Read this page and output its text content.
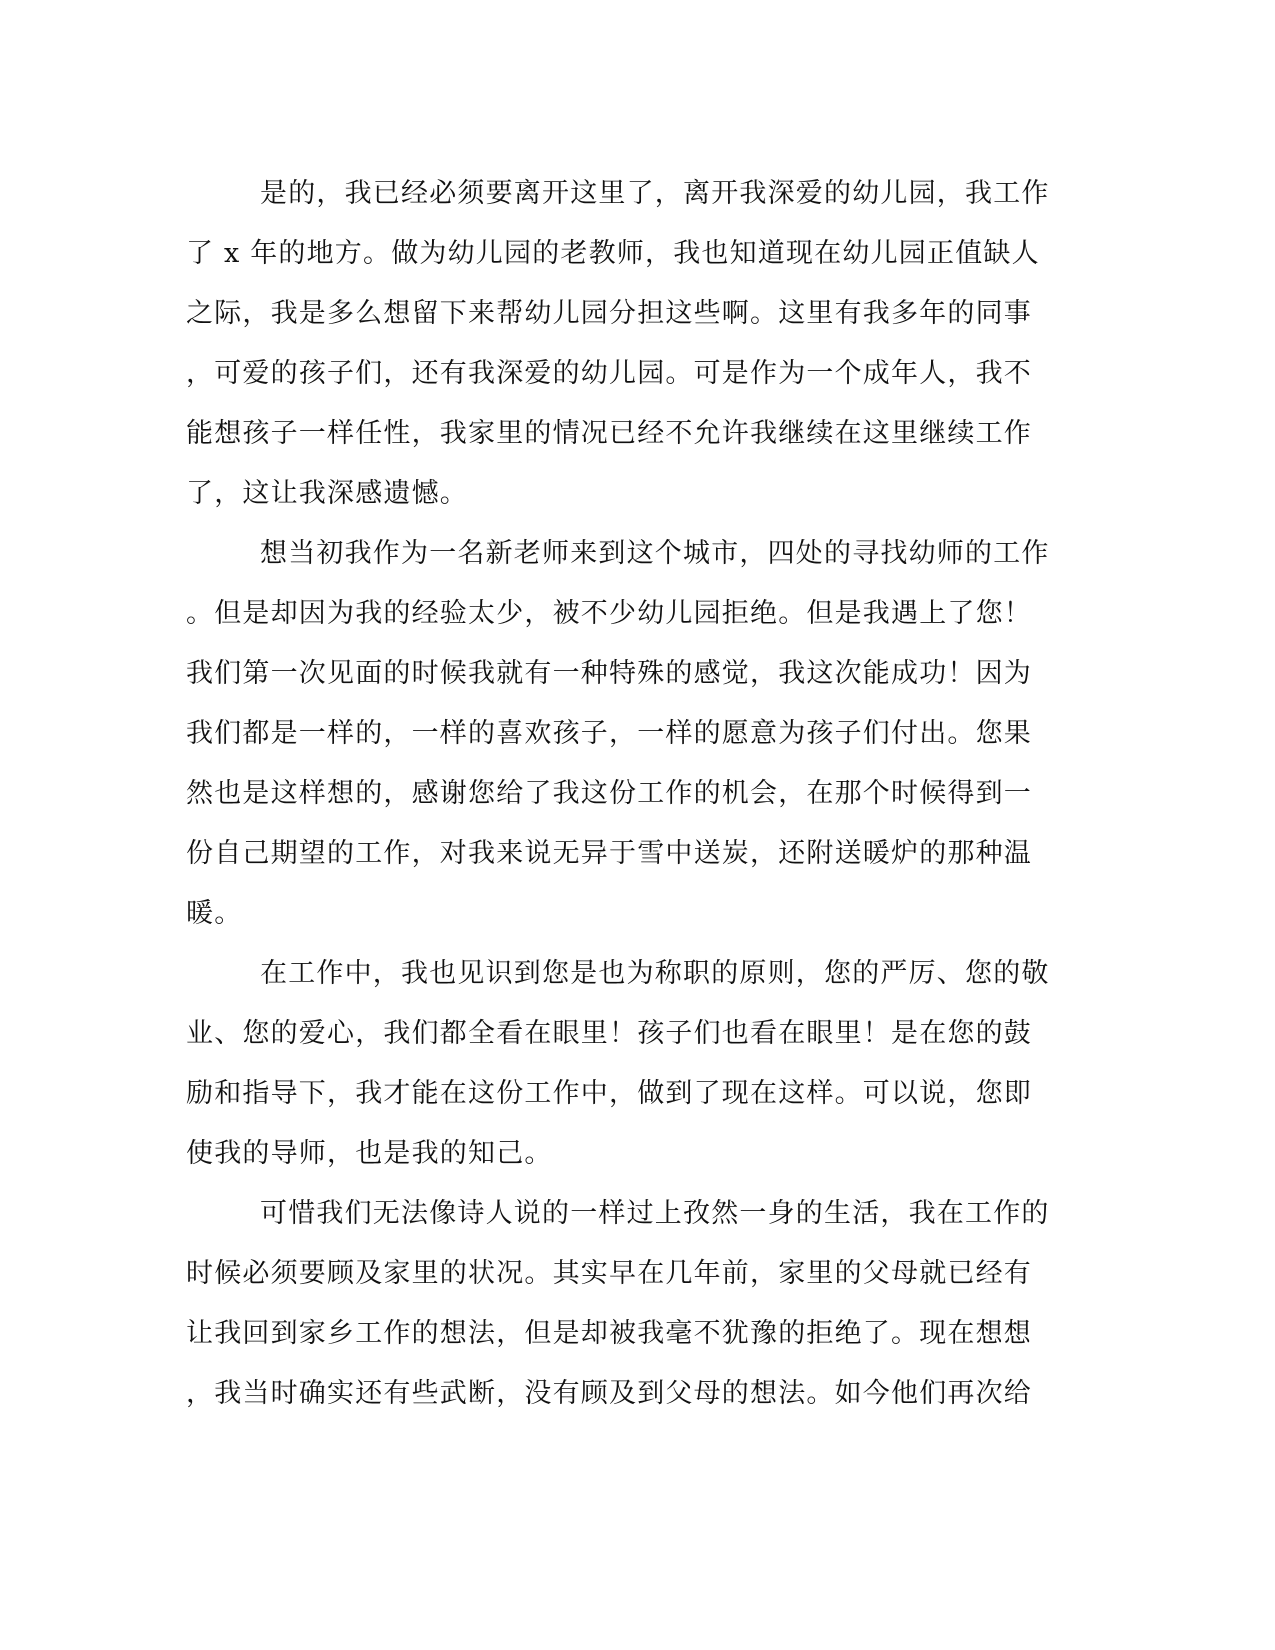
是的，我已经必须要离开这里了，离开我深爱的幼儿园，我工作
了 x 年的地方。做为幼儿园的老教师，我也知道现在幼儿园正值缺人
之际，我是多么想留下来帮幼儿园分担这些啊。这里有我多年的同事
，可爱的孩子们，还有我深爱的幼儿园。可是作为一个成年人，我不
能想孩子一样任性，我家里的情况已经不允许我继续在这里继续工作
了，这让我深感遗憾。
想当初我作为一名新老师来到这个城市，四处的寻找幼师的工作
。但是却因为我的经验太少，被不少幼儿园拒绝。但是我遇上了您！
我们第一次见面的时候我就有一种特殊的感觉，我这次能成功！因为
我们都是一样的，一样的喜欢孩子，一样的愿意为孩子们付出。您果
然也是这样想的，感谢您给了我这份工作的机会，在那个时候得到一
份自己期望的工作，对我来说无异于雪中送炭，还附送暖炉的那种温
暖。
在工作中，我也见识到您是也为称职的原则，您的严厉、您的敬
业、您的爱心，我们都全看在眼里！孩子们也看在眼里！是在您的鼓
励和指导下，我才能在这份工作中，做到了现在这样。可以说，您即
使我的导师，也是我的知己。
可惜我们无法像诗人说的一样过上孜然一身的生活，我在工作的
时候必须要顾及家里的状况。其实早在几年前，家里的父母就已经有
让我回到家乡工作的想法，但是却被我毫不犹豫的拒绝了。现在想想
，我当时确实还有些武断，没有顾及到父母的想法。如今他们再次给
